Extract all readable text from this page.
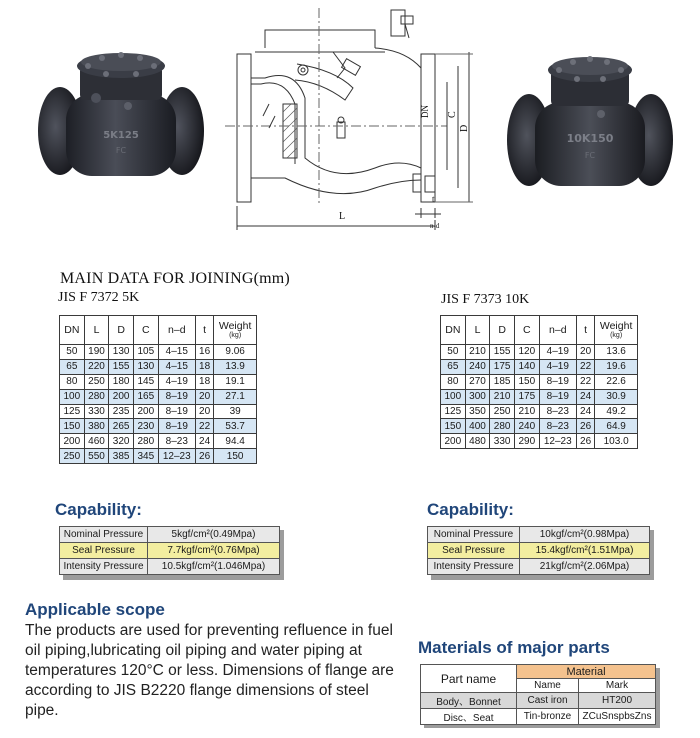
5K125
FC
10K150
FC
DN C
D
t
L
n-d
MAIN DATA FOR JOINING(mm)
JIS F 7372 5K
DN	L	D	C	n–d	t	Weight
(kg)

50	190	130	105	4–15	16	9.06
65	220	155	130	4–15	18	13.9
80	250	180	145	4–19	18	19.1
100	280	200	165	8–19	20	27.1
125	330	235	200	8–19	20	39
150	380	265	230	8–19	22	53.7
200	460	320	280	8–23	24	94.4
250	550	385	345	12–23	26	150
JIS F 7373 10K
DN	L	D	C	n–d	t	Weight
(kg)

50	210	155	120	4–19	20	13.6
65	240	175	140	4–19	22	19.6
80	270	185	150	8–19	22	22.6
100	300	210	175	8–19	24	30.9
125	350	250	210	8–23	24	49.2
150	400	280	240	8–23	26	64.9
200	480	330	290	12–23	26	103.0
Capability:
Nominal Pressure	5kgf/cm²(0.49Mpa)
Seal Pressure	7.7kgf/cm²(0.76Mpa)
Intensity Pressure	10.5kgf/cm²(1.046Mpa)
Capability:
Nominal Pressure	10kgf/cm²(0.98Mpa)
Seal Pressure	15.4kgf/cm²(1.51Mpa)
Intensity Pressure	21kgf/cm²(2.06Mpa)
Applicable scope
The products are used for preventing refluence in fuel oil piping,lubricating oil piping and water piping at temperatures 120°C or less. Dimensions of flange are according to JIS B2220 flange dimensions of steel pipe.
Materials of major parts
Part name	Material	
	Name	Mark
Body、Bonnet	Cast iron	HT200
Disc、Seat	Tin-bronze	ZCuSnspbsZns
